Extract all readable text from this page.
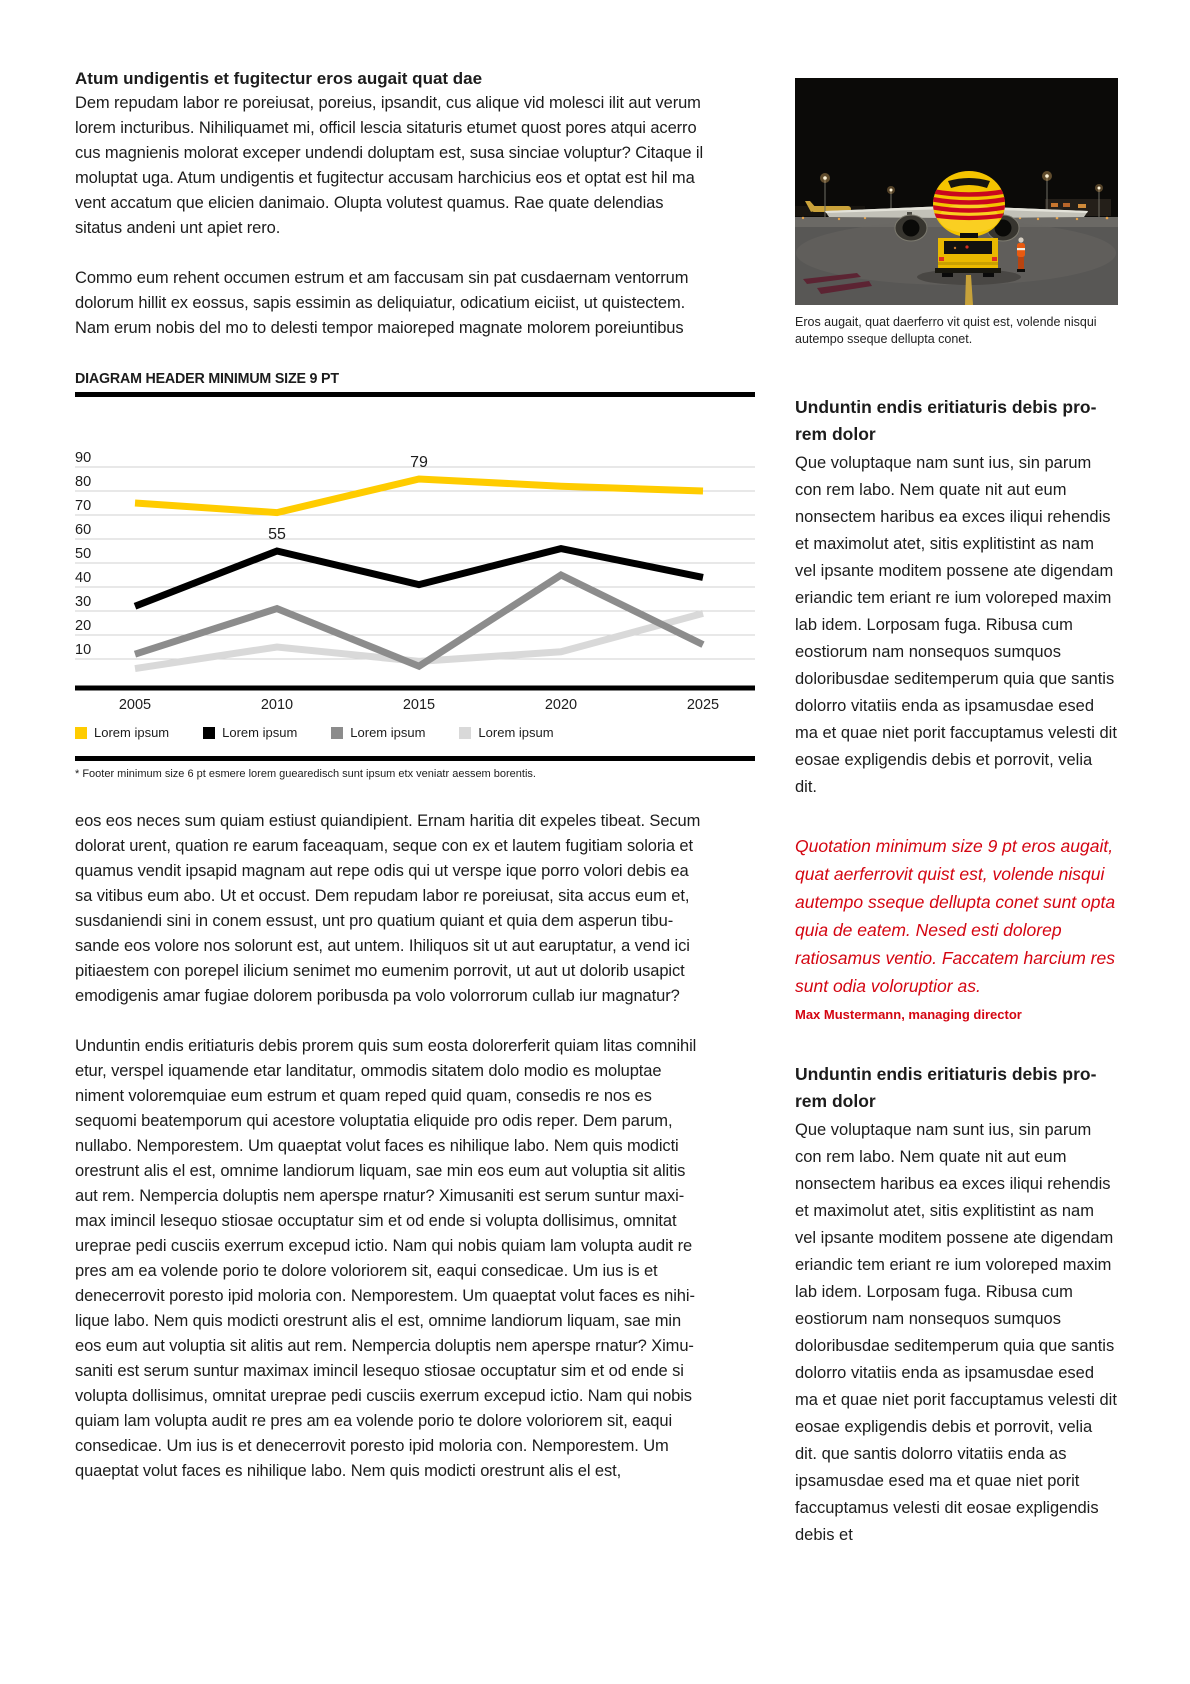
Atum undigentis et fugitectur eros augait quat dae

Dem repudam labor re poreiusat, poreius, ipsandit, cus alique vid molesci ilit aut verum lorem incturibus. Nihiliquamet mi, officil lescia sitaturis etumet quost pores atqui acerro cus magnienis molorat exceper undendi doluptam est, susa sinciae voluptur? Citaque il moluptat uga. Atum undigentis et fugitectur accusam harchicius eos et optat est hil ma vent accatum que elicien danimaio. Olupta volutest quamus. Rae quate delendias sitatus andeni unt apiet rero.

Commo eum rehent occumen estrum et am faccusam sin pat cusdaernam ventorrum dolorum hillit ex eossus, sapis essimin as deliquiatur, odicatium eiciist, ut quistectem. Nam erum nobis del mo to delesti tempor maioreped magnate molorem poreiuntibus

DIAGRAM HEADER MINIMUM SIZE 9 PT

10
20
30
40
50
60
70
80
90
2005	2010	2015	2020	2025
79
55
Lorem ipsum	Lorem ipsum	Lorem ipsum	Lorem ipsum

* Footer minimum size 6 pt esmere lorem guearedisch sunt ipsum etx veniatr aessem borentis.

eos eos neces sum quiam estiust quiandipient. Ernam haritia dit expeles tibeat. Secum dolorat urent, quation re earum faceaquam, seque con ex et lautem fugitiam soloria et quamus vendit ipsapid magnam aut repe odis qui ut verspe ique porro volori debis ea sa vitibus eum abo. Ut et occust. Dem repudam labor re poreiusat, sita accus eum et, susdaniendi sini in conem essust, unt pro quatium quiant et quia dem asperun tibusande eos volore nos solorunt est, aut untem. Ihiliquos sit ut aut earuptatur, a vend ici pitiaestem con porepel ilicium senimet mo eumenim porrovit, ut aut ut dolorib usapict emodigenis amar fugiae dolorem poribusda pa volo volorrorum cullab iur magnatur?

Unduntin endis eritiaturis debis prorem quis sum eosta dolorerferit quiam litas comnihil etur, verspel iquamende etar landitatur, ommodis sitatem dolo modio es moluptae niment voloremquiae eum estrum et quam reped quid quam, consedis re nos es sequomi beatemporum qui acestore voluptatia eliquide pro odis reper. Dem parum, nullabo. Nemporestem. Um quaeptat volut faces es nihilique labo. Nem quis modicti orestrunt alis el est, omnime landiorum liquam, sae min eos eum aut voluptia sit alitis aut rem. Nempercia doluptis nem aperspe rnatur? Ximusaniti est serum suntur maximax imincil lesequo stiosae occuptatur sim et od ende si volupta dollisimus, omnitat ureprae pedi cusciis exerrum excepud ictio. Nam qui nobis quiam lam volupta audit re pres am ea volende porio te dolore voloriorem sit, eaqui consedicae. Um ius is et denecerrovit poresto ipid moloria con. Nemporestem. Um quaeptat volut faces es nihilique labo. Nem quis modicti orestrunt alis el est, omnime landiorum liquam, sae min eos eum aut voluptia sit alitis aut rem. Nempercia doluptis nem aperspe rnatur? Ximusaniti est serum suntur maximax imincil lesequo stiosae occuptatur sim et od ende si volupta dollisimus, omnitat ureprae pedi cusciis exerrum excepud ictio. Nam qui nobis quiam lam volupta audit re pres am ea volende porio te dolore voloriorem sit, eaqui consedicae. Um ius is et denecerrovit poresto ipid moloria con. Nemporestem. Um quaeptat volut faces es nihilique labo. Nem quis modicti orestrunt alis el est,

Eros augait, quat daerferro vit quist est, volende nisqui autempo sseque dellupta conet.

Unduntin endis eritiaturis debis prorem dolor

Que voluptaque nam sunt ius, sin parum con rem labo. Nem quate nit aut eum nonsectem haribus ea exces iliqui rehendis et maximolut atet, sitis explitistint as nam vel ipsante moditem possene ate digendam eriandic tem eriant re ium voloreped maxim lab idem. Lorposam fuga. Ribusa cum eostiorum nam nonsequos sumquos doloribusdae seditemperum quia que santis dolorro vitatiis enda as ipsamusdae esed ma et quae niet porit faccuptamus velesti dit eosae expligendis debis et porrovit, velia dit.

Quotation minimum size 9 pt eros augait, quat aerferrovit quist est, volende nisqui autempo sseque dellupta conet sunt opta quia de eatem. Nesed esti dolorep ratiosamus ventio. Faccatem harcium res sunt odia voloruptior as.

Max Mustermann, managing director

Unduntin endis eritiaturis debis prorem dolor

Que voluptaque nam sunt ius, sin parum con rem labo. Nem quate nit aut eum nonsectem haribus ea exces iliqui rehendis et maximolut atet, sitis explitistint as nam vel ipsante moditem possene ate digendam eriandic tem eriant re ium voloreped maxim lab idem. Lorposam fuga. Ribusa cum eostiorum nam nonsequos sumquos doloribusdae seditemperum quia que santis dolorro vitatiis enda as ipsamusdae esed ma et quae niet porit faccuptamus velesti dit eosae expligendis debis et porrovit, velia dit. que santis dolorro vitatiis enda as ipsamusdae esed ma et quae niet porit faccuptamus velesti dit eosae expligendis debis et
